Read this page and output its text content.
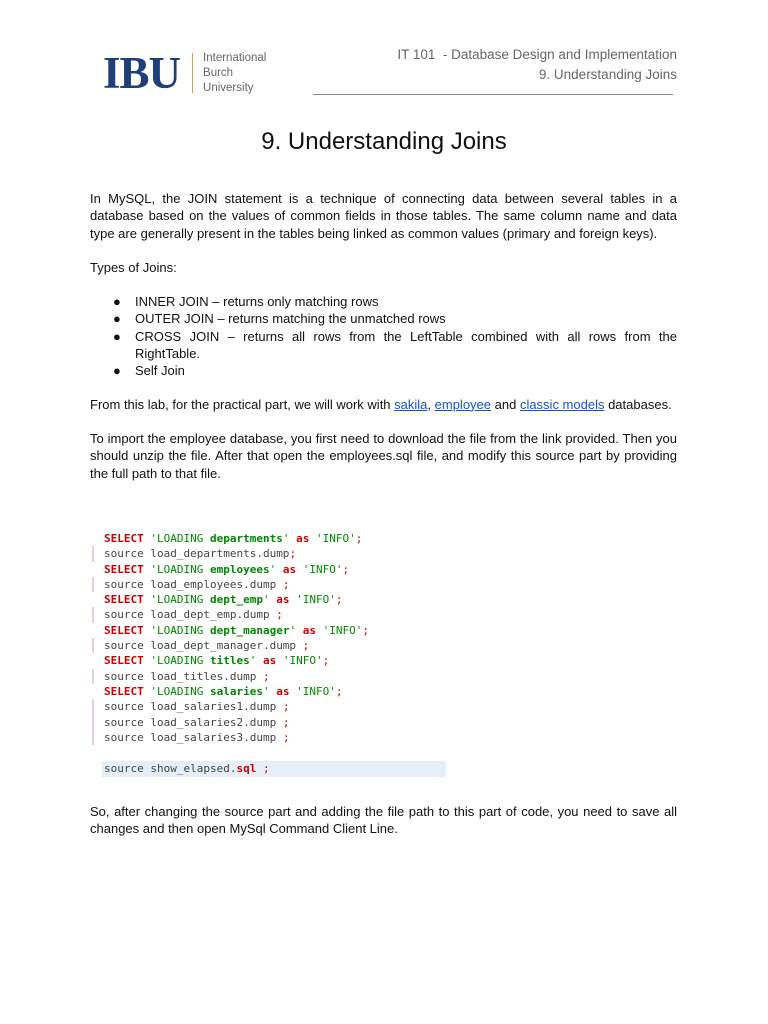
IBU International
Burch
University
IT 101  - Database Design and Implementation
9. Understanding Joins
9. Understanding Joins

In MySQL, the JOIN statement is a technique of connecting data between several tables in a database based on the values of common fields in those tables. The same column name and data type are generally present in the tables being linked as common values (primary and foreign keys).

Types of Joins:

● INNER JOIN – returns only matching rows
● OUTER JOIN – returns matching the unmatched rows
● CROSS JOIN – returns all rows from the LeftTable combined with all rows from the RightTable.
● Self Join

From this lab, for the practical part, we will work with sakila, employee and classic models databases.

To import the employee database, you first need to download the file from the link provided. Then you should unzip the file. After that open the employees.sql file, and modify this source part by providing the full path to that file.

SELECT 'LOADING departments' as 'INFO';
source load_departments.dump;
SELECT 'LOADING employees' as 'INFO';
source load_employees.dump ;
SELECT 'LOADING dept_emp' as 'INFO';
source load_dept_emp.dump ;
SELECT 'LOADING dept_manager' as 'INFO';
source load_dept_manager.dump ;
SELECT 'LOADING titles' as 'INFO';
source load_titles.dump ;
SELECT 'LOADING salaries' as 'INFO';
source load_salaries1.dump ;
source load_salaries2.dump ;
source load_salaries3.dump ;
source show_elapsed.sql ;

So, after changing the source part and adding the file path to this part of code, you need to save all changes and then open MySql Command Client Line.
